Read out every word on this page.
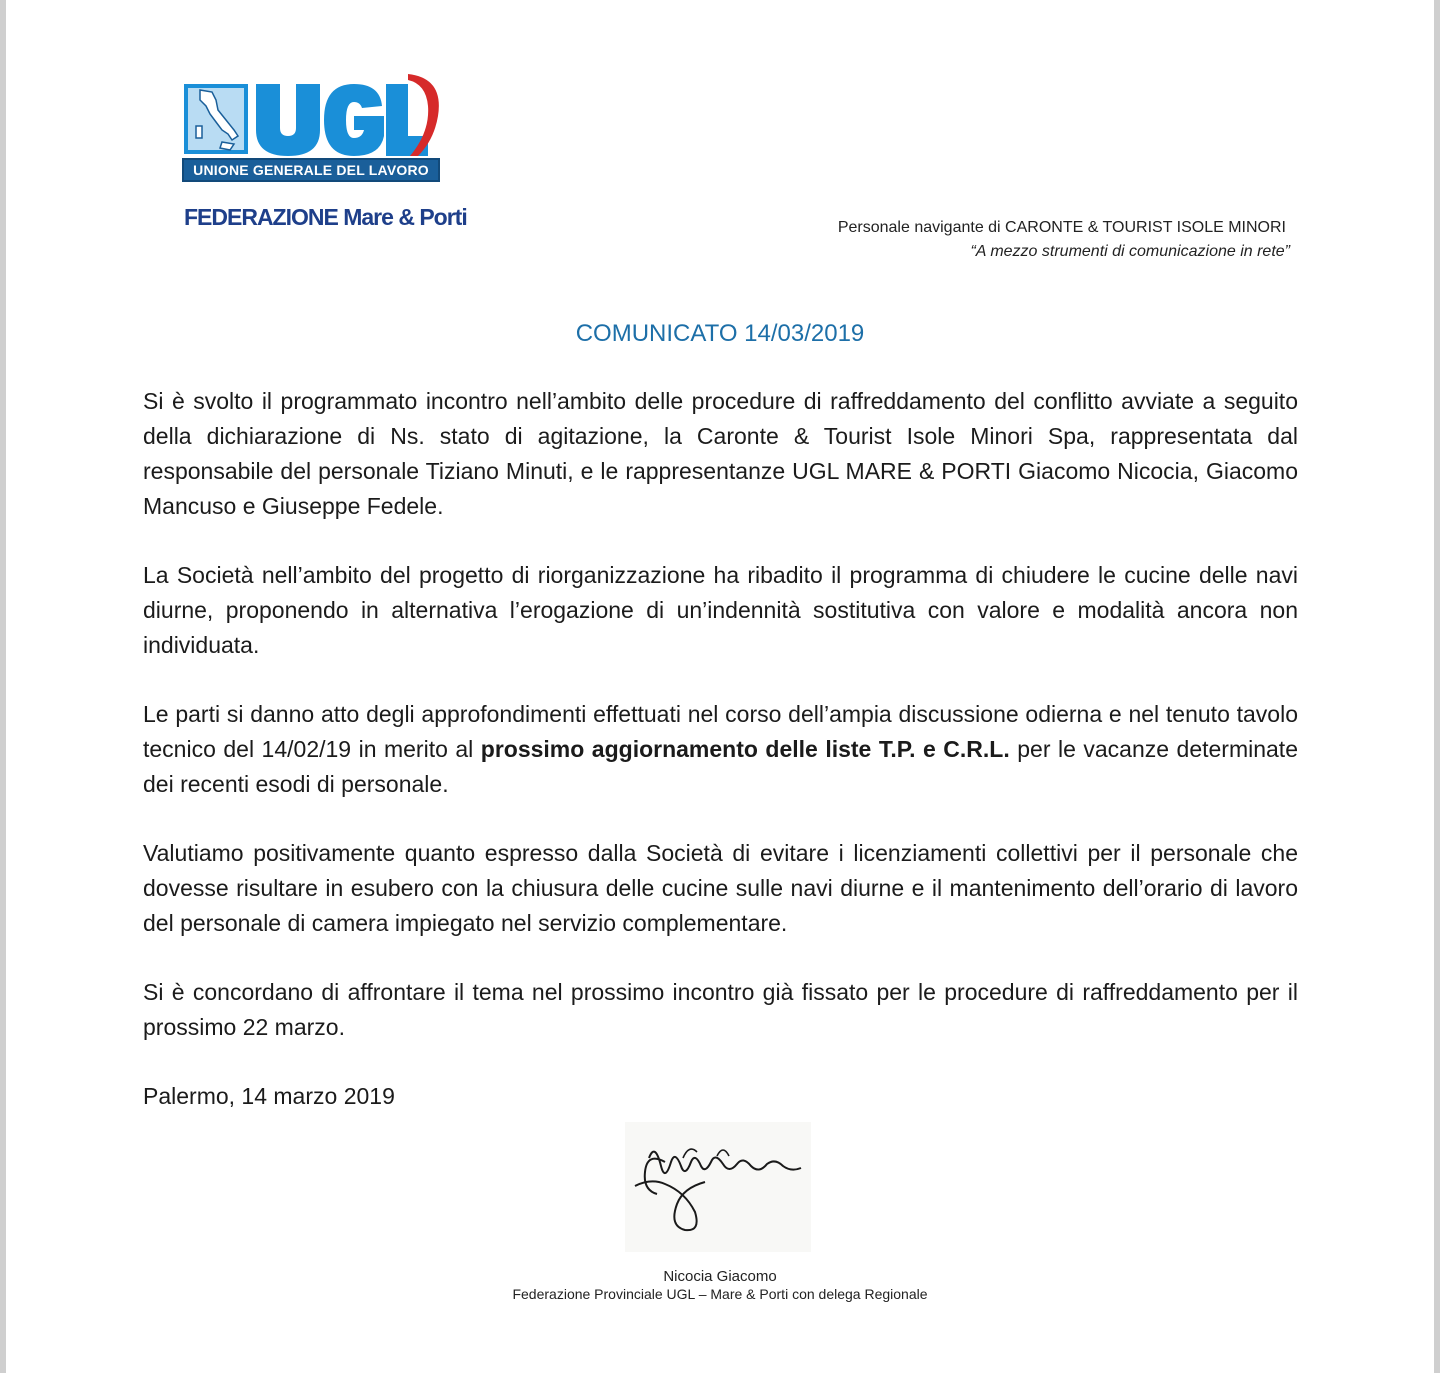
UNIONE GENERALE DEL LAVORO
FEDERAZIONE Mare & Porti	Personale navigante di CARONTE & TOURIST ISOLE MINORI
“A mezzo strumenti di comunicazione in rete”
COMUNICATO 14/03/2019

Si è svolto il programmato incontro nell’ambito delle procedure di raffreddamento del conflitto avviate a seguito della dichiarazione di Ns. stato di agitazione, la Caronte & Tourist Isole Minori Spa, rappresentata dal responsabile del personale Tiziano Minuti, e le rappresentanze UGL MARE & PORTI Giacomo Nicocia, Giacomo Mancuso e Giuseppe Fedele.

La Società nell’ambito del progetto di riorganizzazione ha ribadito il programma di chiudere le cucine delle navi diurne, proponendo in alternativa l’erogazione di un’indennità sostitutiva con valore e modalità ancora non individuata.

Le parti si danno atto degli approfondimenti effettuati nel corso dell’ampia discussione odierna e nel tenuto tavolo tecnico del 14/02/19 in merito al prossimo aggiornamento delle liste T.P. e C.R.L. per le vacanze determinate dei recenti esodi di personale.

Valutiamo positivamente quanto espresso dalla Società di evitare i licenziamenti collettivi per il personale che dovesse risultare in esubero con la chiusura delle cucine sulle navi diurne e il mantenimento dell’orario di lavoro del personale di camera impiegato nel servizio complementare.

Si è concordano di affrontare il tema nel prossimo incontro già fissato per le procedure di raffreddamento per il prossimo 22 marzo.

Palermo, 14 marzo 2019

Nicocia Giacomo
Federazione Provinciale UGL – Mare & Porti con delega Regionale
